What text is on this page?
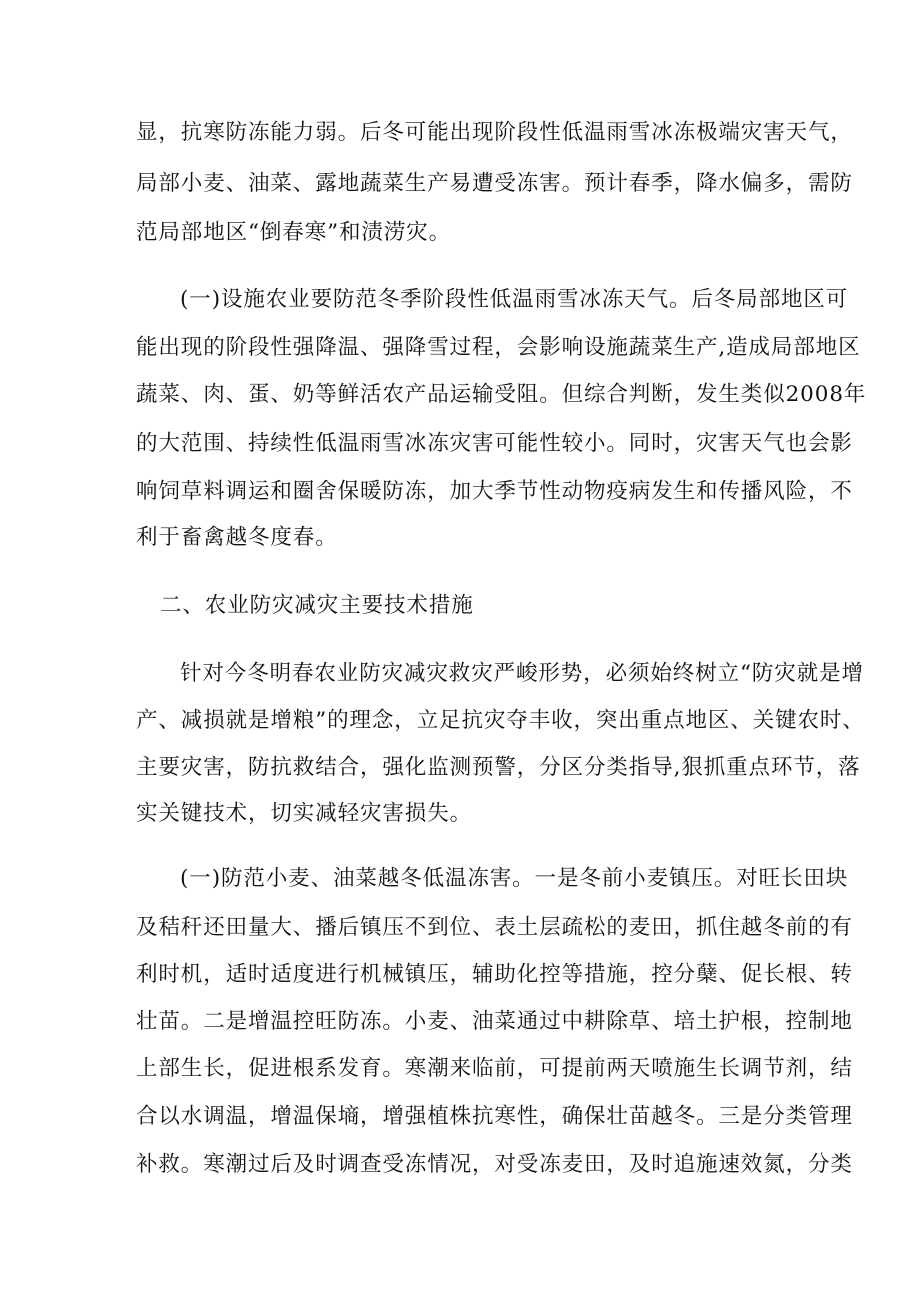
显，抗寒防冻能力弱。后冬可能出现阶段性低温雨雪冰冻极端灾害天气，
局部小麦、油菜、露地蔬菜生产易遭受冻害。预计春季，降水偏多，需防
范局部地区“倒春寒”和渍涝灾。
(一)设施农业要防范冬季阶段性低温雨雪冰冻天气。后冬局部地区可
能出现的阶段性强降温、强降雪过程，会影响设施蔬菜生产,造成局部地区
蔬菜、肉、蛋、奶等鲜活农产品运输受阻。但综合判断，发生类似2008年
的大范围、持续性低温雨雪冰冻灾害可能性较小。同时，灾害天气也会影
响饲草料调运和圈舍保暖防冻，加大季节性动物疫病发生和传播风险，不
利于畜禽越冬度春。
二、农业防灾减灾主要技术措施
针对今冬明春农业防灾减灾救灾严峻形势，必须始终树立“防灾就是增
产、减损就是增粮”的理念，立足抗灾夺丰收，突出重点地区、关键农时、
主要灾害，防抗救结合，强化监测预警，分区分类指导,狠抓重点环节，落
实关键技术，切实减轻灾害损失。
(一)防范小麦、油菜越冬低温冻害。一是冬前小麦镇压。对旺长田块
及秸秆还田量大、播后镇压不到位、表土层疏松的麦田，抓住越冬前的有
利时机，适时适度进行机械镇压，辅助化控等措施，控分蘖、促长根、转
壮苗。二是增温控旺防冻。小麦、油菜通过中耕除草、培土护根，控制地
上部生长，促进根系发育。寒潮来临前，可提前两天喷施生长调节剂，结
合以水调温，增温保墒，增强植株抗寒性，确保壮苗越冬。三是分类管理
补救。寒潮过后及时调查受冻情况，对受冻麦田，及时追施速效氮，分类
